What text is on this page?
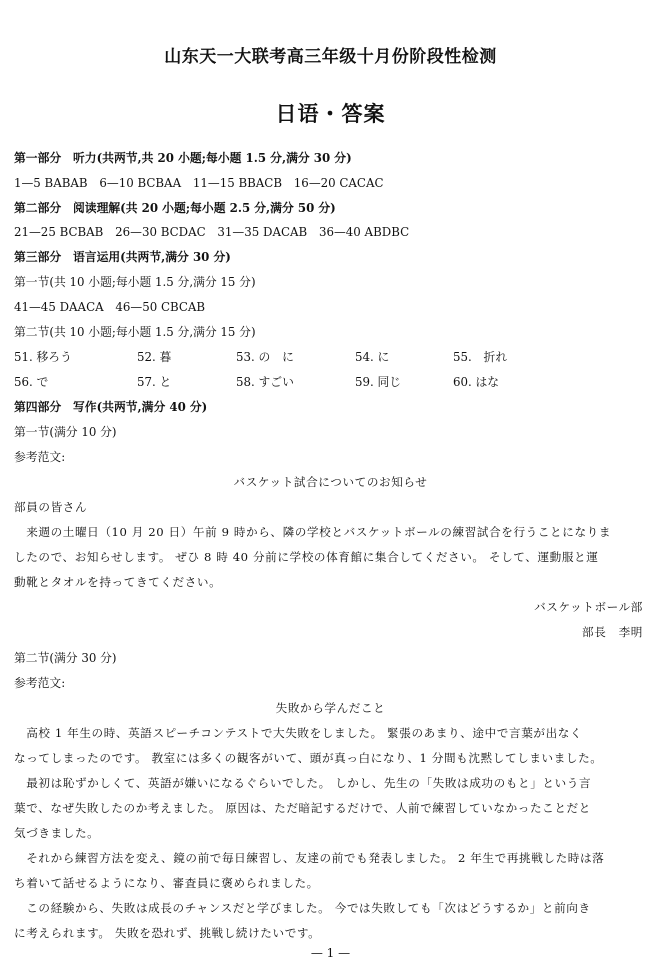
山东天一大联考高三年级十月份阶段性检测
日语・答案
第一部分　听力(共两节,共 20 小题;每小题 1.5 分,满分 30 分)
1—5 BABAB　6—10 BCBAA　11—15 BBACB　16—20 CACAC
第二部分　阅读理解(共 20 小题;每小题 2.5 分,满分 50 分)
21—25 BCBAB　26—30 BCDAC　31—35 DACAB　36—40 ABDBC
第三部分　语言运用(共两节,满分 30 分)
第一节(共 10 小题;每小题 1.5 分,满分 15 分)
41—45 DAACA　46—50 CBCAB
第二节(共 10 小题;每小题 1.5 分,满分 15 分)
51. 移ろう	52. 暮	53. の　に	54. に	55.　折れ
56. で	57. と	58. すごい	59. 同じ	60. はな
第四部分　写作(共两节,满分 40 分)
第一节(满分 10 分)
参考范文:
バスケット試合についてのお知らせ
部員の皆さん
　来週の土曜日（10 月 20 日）午前 9 時から、隣の学校とバスケットボールの練習試合を行うことになりま
したので、お知らせします。 ぜひ 8 時 40 分前に学校の体育館に集合してください。 そして、運動服と運
動靴とタオルを持ってきてください。
バスケットボール部
部長　李明
第二节(满分 30 分)
参考范文:
失敗から学んだこと
　高校 1 年生の時、英語スピーチコンテストで大失敗をしました。 緊張のあまり、途中で言葉が出なく
なってしまったのです。 教室には多くの観客がいて、頭が真っ白になり、1 分間も沈黙してしまいました。
　最初は恥ずかしくて、英語が嫌いになるぐらいでした。 しかし、先生の「失敗は成功のもと」という言
葉で、なぜ失敗したのか考えました。 原因は、ただ暗記するだけで、人前で練習していなかったことだと
気づきました。
　それから練習方法を変え、鏡の前で毎日練習し、友達の前でも発表しました。 2 年生で再挑戦した時は落
ち着いて話せるようになり、審査員に褒められました。
　この経験から、失敗は成長のチャンスだと学びました。 今では失敗しても「次はどうするか」と前向き
に考えられます。 失敗を恐れず、挑戦し続けたいです。
— 1 —
